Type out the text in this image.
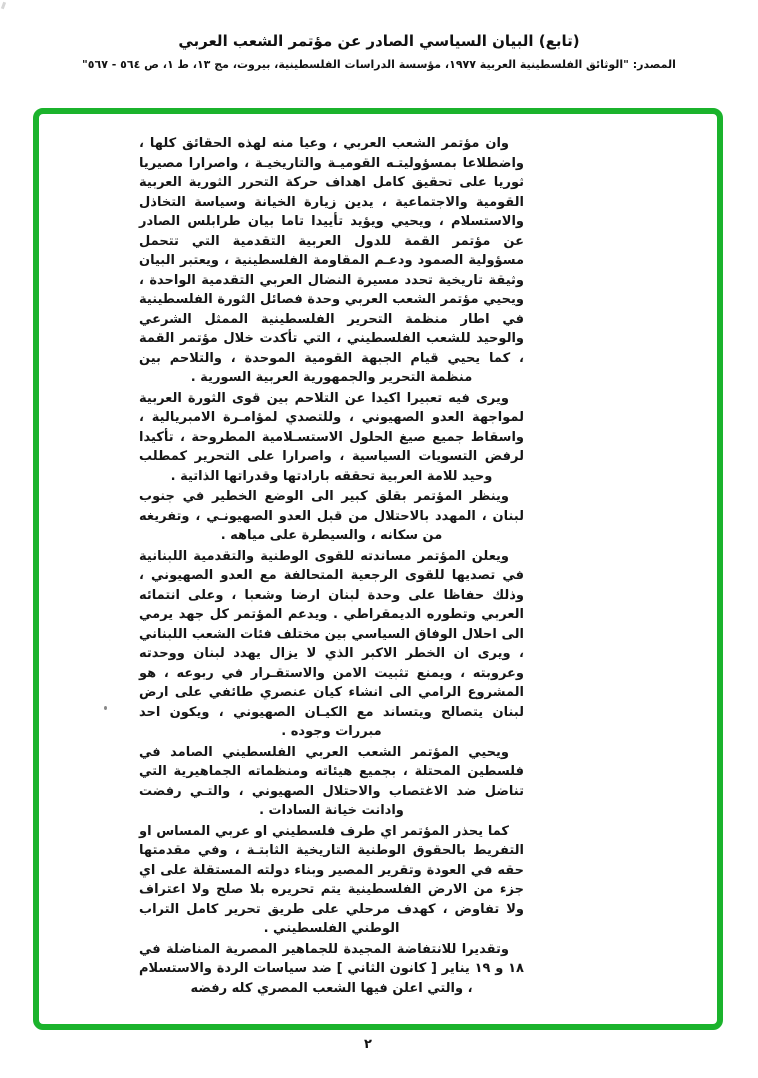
(تابع) البيان السياسي الصادر عن مؤتمر الشعب العربي
المصدر: "الوثائق الفلسطينية العربية ١٩٧٧، مؤسسة الدراسات الفلسطينية، بيروت، مج ١٣، ط ١، ص ٥٦٤ - ٥٦٧"

وان مؤتمر الشعب العربي ، وعيا منه لهذه الحقائق كلها ، واضطلاعا بمسؤوليتـه القوميـة والتاريخيـة ، واصرارا مصيريا ثوريا على تحقيق كامل اهداف حركة التحرر الثورية العربية القومية والاجتماعية ، يدين زيارة الخيانة وسياسة التخاذل والاستسلام ، ويحيي ويؤيد تأييدا تاما بيان طرابلس الصادر عن مؤتمر القمة للدول العربية التقدمية التي تتحمل مسؤولية الصمود ودعـم المقاومة الفلسطينية ، ويعتبر البيان وثيقة تاريخية تحدد مسيرة النضال العربي التقدمية الواحدة ، ويحيي مؤتمر الشعب العربي وحدة فصائل الثورة الفلسطينية في اطار منظمة التحرير الفلسطينية الممثل الشرعي والوحيد للشعب الفلسطيني ، التي تأكدت خلال مؤتمر القمة ، كما يحيي قيام الجبهة القومية الموحدة ، والتلاحم بين منظمة التحرير والجمهورية العربية السورية .

ويرى فيه تعبيرا اكيدا عن التلاحم بين قوى الثورة العربية لمواجهة العدو الصهيوني ، وللتصدي لمؤامـرة الامبريالية ، واسقاط جميع صيغ الحلول الاستسـلامية المطروحة ، تأكيدا لرفض التسويات السياسية ، واصرارا على التحرير كمطلب وحيد للامة العربية تحققه بارادتها وقدراتها الذاتية .

وينظر المؤتمر بقلق كبير الى الوضع الخطير في جنوب لبنان ، المهدد بالاحتلال من قبل العدو الصهيونـي ، وتفريغه من سكانه ، والسيطرة على مياهه .

ويعلن المؤتمر مساندته للقوى الوطنية والتقدمية اللبنانية في تصديها للقوى الرجعية المتحالفة مع العدو الصهيوني ، وذلك حفاظا على وحدة لبنان ارضا وشعبا ، وعلى انتمائه العربي وتطوره الديمقراطي . ويدعم المؤتمر كل جهد يرمي الى احلال الوفاق السياسي بين مختلف فئات الشعب اللبناني ، ويرى ان الخطر الاكبر الذي لا يزال يهدد لبنان ووحدته وعروبته ، ويمنع تثبيت الامن والاستقـرار في ربوعه ، هو المشروع الرامي الى انشاء كيان عنصري طائفي على ارض لبنان يتصالح ويتساند مع الكيـان الصهيوني ، ويكون احد مبررات وجوده .

ويحيي المؤتمر الشعب العربي الفلسطيني الصامد في فلسطين المحتلة ، بجميع هيئاته ومنظماته الجماهيرية التي تناضل ضد الاغتصاب والاحتلال الصهيوني ، والتـي رفضت وادانت خيانة السادات .

كما يحذر المؤتمر اي طرف فلسطيني او عربي المساس او التفريط بالحقوق الوطنية التاريخية الثابتـة ، وفي مقدمتها حقه في العودة وتقرير المصير وبناء دولته المستقلة على اي جزء من الارض الفلسطينية يتم تحريره بلا صلح ولا اعتراف ولا تفاوض ، كهدف مرحلي على طريق تحرير كامل التراب الوطني الفلسطيني .

وتقديرا للانتفاضة المجيدة للجماهير المصرية المناضلة في ١٨ و ١٩ يناير [ كانون الثاني ] ضد سياسات الردة والاستسلام ، والتي اعلن فيها الشعب المصري كله رفضه

٢
